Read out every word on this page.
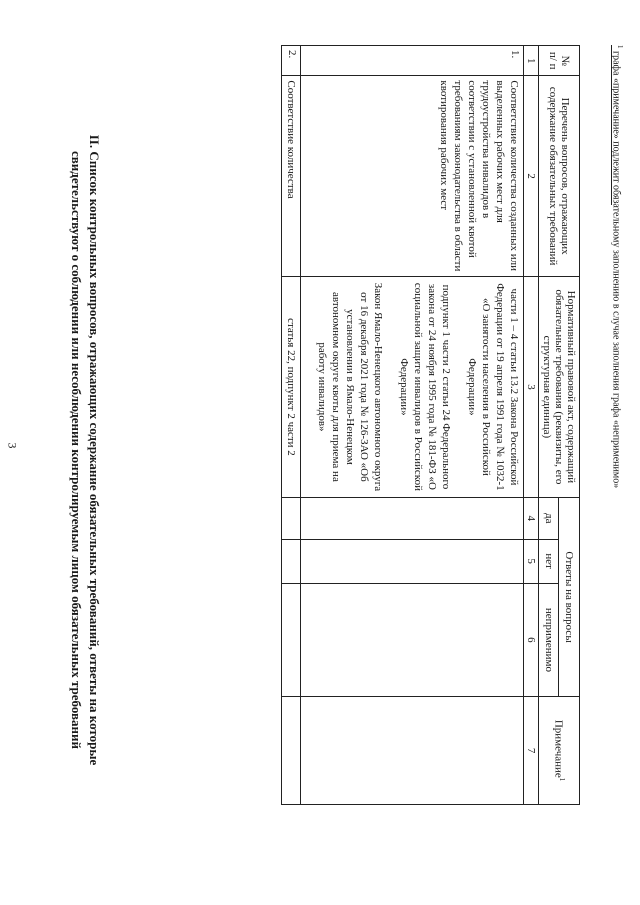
3	II. Список контрольных вопросов, отражающих содержание обязательных требований, ответы на которые
свидетельствуют о соблюдении или несоблюдении контролируемым лицом обязательных требований
№ п/ п	Перечень вопросов, отражающих содержание обязательных требований	Нормативный правовой акт, содержащий обязательные требования (реквизиты, его структурная единица)	Ответы на вопросы			Примечание$^1$
			да	нет	неприменимо	
1	2	3	4	5	6	7
1.	Соответствие количества созданных или выделенных рабочих мест для трудоустройства инвалидов в соответствии с установленной квотой требованиям законодательства в области квотирования рабочих мест	части 1 – 4 статьи 13.2 Закона Российской Федерации от 19 апреля 1991 года № 1032-1 «О занятости населения в Российской Федерации»
подпункт 1 части 2 статьи 24 Федерального закона от 24 ноября 1995 года № 181-ФЗ «О социальной защите инвалидов в Российской Федерации»
Закон Ямало-Ненецкого автономного округа от 16 декабря 2021 года № 126-ЗАО «Об установлении в Ямало-Ненецком автономном округе квоты для приема на работу инвалидов»				

2.	Соответствие количества	статья 22, подпункт 2 части 2				
$^1$ графа «примечание» подлежит обязательному заполнению в случае заполнения графа «неприменимо»
